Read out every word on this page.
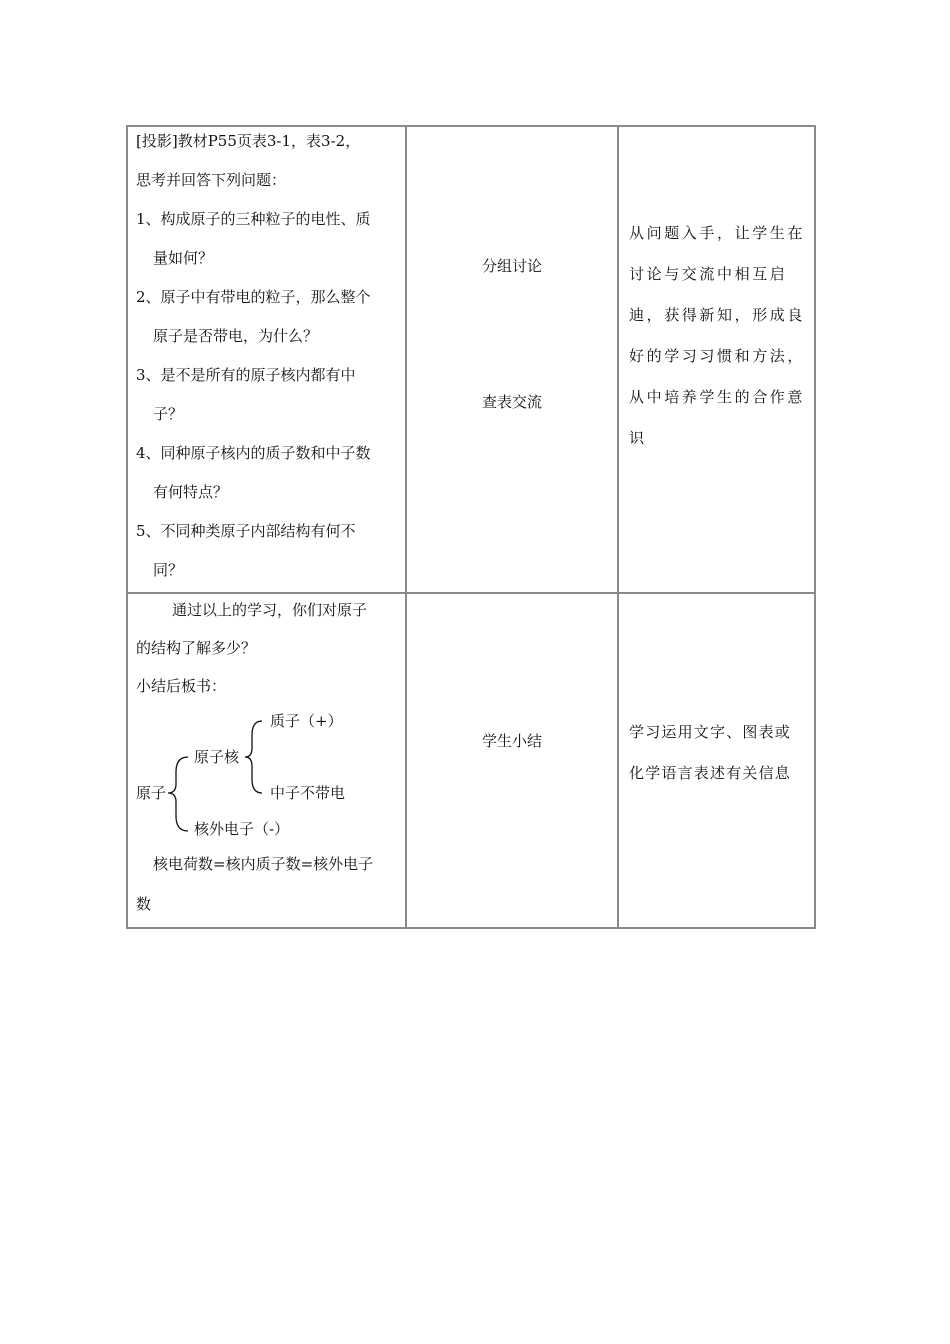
[投影]教材P55页表3-1，表3-2，
思考并回答下列问题：
1、构成原子的三种粒子的电性、质
量如何？
2、原子中有带电的粒子，那么整个
原子是否带电，为什么？
3、是不是所有的原子核内都有中
子？
4、同种原子核内的质子数和中子数
有何特点？
5、不同种类原子内部结构有何不
同？
分组讨论
查表交流
从问题入手，让学生在
讨论与交流中相互启
迪，获得新知，形成良
好的学习习惯和方法，
从中培养学生的合作意
识
通过以上的学习，你们对原子
的结构了解多少？
小结后板书：
原子
原子核
质子（+）
中子不带电
核外电子（-）
核电荷数=核内质子数=核外电子
数
学生小结	学习运用文字、图表或
化学语言表述有关信息
